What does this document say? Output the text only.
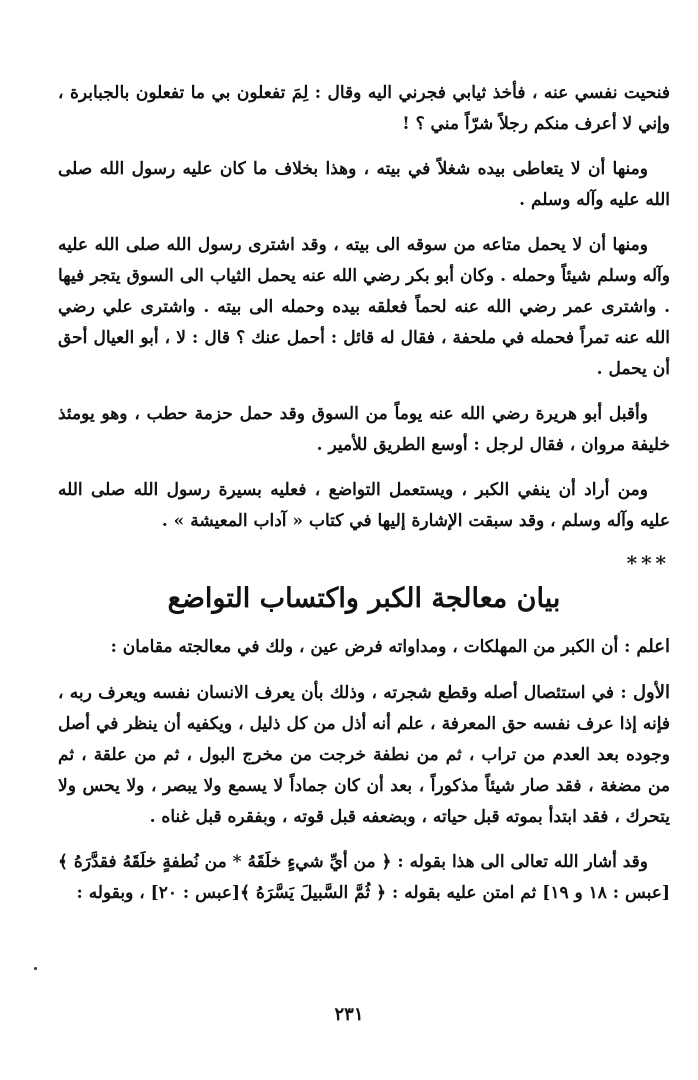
فنحيت نفسي عنه ، فأخذ ثيابي فجرني اليه وقال : لِمَ تفعلون بي ما تفعلون بالجبابرة ، وإني لا أعرف منكم رجلاً شرّاً مني ؟ !

ومنها أن لا يتعاطى بيده شغلاً في بيته ، وهذا بخلاف ما كان عليه رسول الله صلى الله عليه وآله وسلم .

ومنها أن لا يحمل متاعه من سوقه الى بيته ، وقد اشترى رسول الله صلى الله عليه وآله وسلم شيئاً وحمله . وكان أبو بكر رضي الله عنه يحمل الثياب الى السوق يتجر فيها . واشترى عمر رضي الله عنه لحماً فعلقه بيده وحمله الى بيته . واشترى علي رضي الله عنه تمراً فحمله في ملحفة ، فقال له قائل : أحمل عنك ؟ قال : لا ، أبو العيال أحق أن يحمل .

وأقبل أبو هريرة رضي الله عنه يوماً من السوق وقد حمل حزمة حطب ، وهو يومئذ خليفة مروان ، فقال لرجل : أوسع الطريق للأمير .

ومن أراد أن ينفي الكبر ، ويستعمل التواضع ، فعليه بسيرة رسول الله صلى الله عليه وآله وسلم ، وقد سبقت الإشارة إليها في كتاب « آداب المعيشة » .

***
بيان معالجة الكبر واكتساب التواضع

اعلم : أن الكبر من المهلكات ، ومداواته فرض عين ، ولك في معالجته مقامان :

الأول : في استئصال أصله وقطع شجرته ، وذلك بأن يعرف الانسان نفسه ويعرف ربه ، فإنه إذا عرف نفسه حق المعرفة ، علم أنه أذل من كل ذليل ، ويكفيه أن ينظر في أصل وجوده بعد العدم من تراب ، ثم من نطفة خرجت من مخرج البول ، ثم من علقة ، ثم من مضغة ، فقد صار شيئاً مذكوراً ، بعد أن كان جماداً لا يسمع ولا يبصر ، ولا يحس ولا يتحرك ، فقد ابتدأ بموته قبل حياته ، وبضعفه قبل قوته ، وبفقره قبل غناه .

وقد أشار الله تعالى الى هذا بقوله : ﴿ من أيِّ شيءٍ خلَقَهُ * من نُطفةٍ خلَقَهُ فقدَّرَهُ ﴾ [عبس : ١٨ و ١٩] ثم امتن عليه بقوله : ﴿ ثُمَّ السَّبيلَ يَسَّرَهُ ﴾[عبس : ٢٠] ، وبقوله :

٢٣١
